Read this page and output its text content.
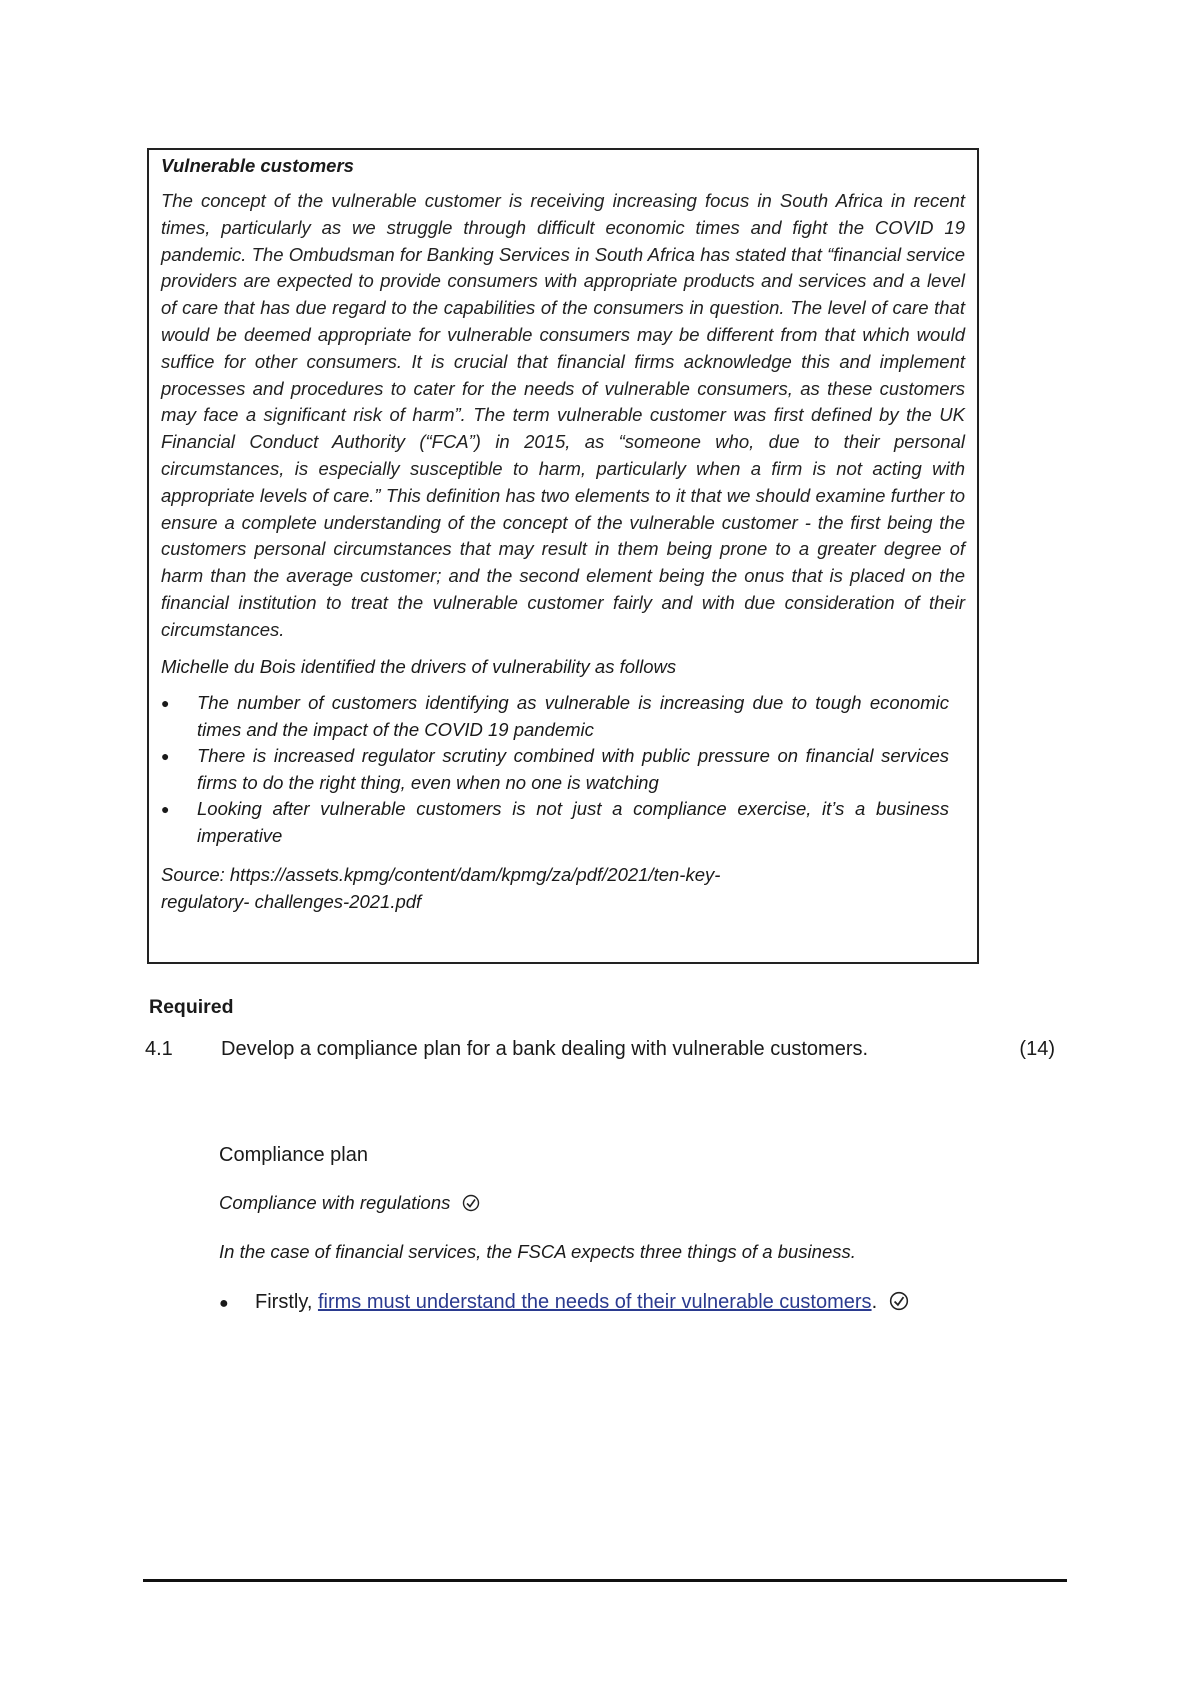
Vulnerable customers

The concept of the vulnerable customer is receiving increasing focus in South Africa in recent times, particularly as we struggle through difficult economic times and fight the COVID 19 pandemic. The Ombudsman for Banking Services in South Africa has stated that “financial service providers are expected to provide consumers with appropriate products and services and a level of care that has due regard to the capabilities of the consumers in question. The level of care that would be deemed appropriate for vulnerable consumers may be different from that which would suffice for other consumers. It is crucial that financial firms acknowledge this and implement processes and procedures to cater for the needs of vulnerable consumers, as these customers may face a significant risk of harm”. The term vulnerable customer was first defined by the UK Financial Conduct Authority (“FCA”) in 2015, as “someone who, due to their personal circumstances, is especially susceptible to harm, particularly when a firm is not acting with appropriate levels of care.” This definition has two elements to it that we should examine further to ensure a complete understanding of the concept of the vulnerable customer - the first being the customers personal circumstances that may result in them being prone to a greater degree of harm than the average customer; and the second element being the onus that is placed on the financial institution to treat the vulnerable customer fairly and with due consideration of their circumstances.

Michelle du Bois identified the drivers of vulnerability as follows

● The number of customers identifying as vulnerable is increasing due to tough economic times and the impact of the COVID 19 pandemic
● There is increased regulator scrutiny combined with public pressure on financial services firms to do the right thing, even when no one is watching
● Looking after vulnerable customers is not just a compliance exercise, it’s a business imperative

Source: https://assets.kpmg/content/dam/kpmg/za/pdf/2021/ten-key-regulatory- challenges-2021.pdf

Required

4.1 Develop a compliance plan for a bank dealing with vulnerable customers.	(14)

Compliance plan

Compliance with regulations

In the case of financial services, the FSCA expects three things of a business.

● Firstly, firms must understand the needs of their vulnerable customers.
